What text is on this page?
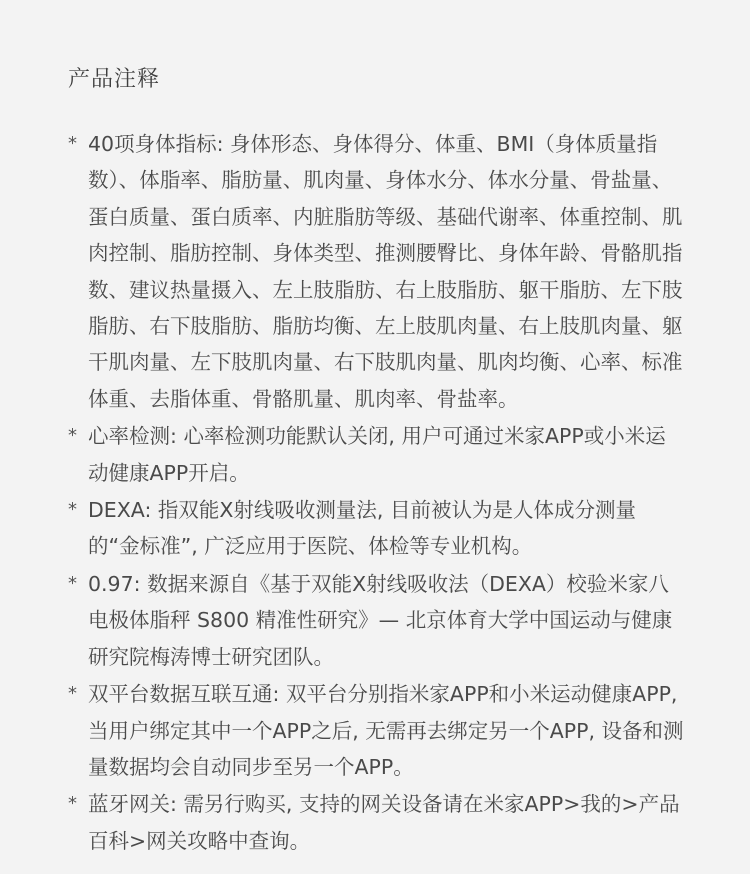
产品注释
* 40项身体指标: 身体形态、身体得分、体重、BMI（身体质量指数）、体脂率、脂肪量、肌肉量、身体水分、体水分量、骨盐量、蛋白质量、蛋白质率、内脏脂肪等级、基础代谢率、体重控制、肌肉控制、脂肪控制、身体类型、推测腰臀比、身体年龄、骨骼肌指数、建议热量摄入、左上肢脂肪、右上肢脂肪、躯干脂肪、左下肢脂肪、右下肢脂肪、脂肪均衡、左上肢肌肉量、右上肢肌肉量、躯干肌肉量、左下肢肌肉量、右下肢肌肉量、肌肉均衡、心率、标准体重、去脂体重、骨骼肌量、肌肉率、骨盐率。
* 心率检测: 心率检测功能默认关闭, 用户可通过米家APP或小米运动健康APP开启。
* DEXA: 指双能X射线吸收测量法, 目前被认为是人体成分测量的“金标准”, 广泛应用于医院、体检等专业机构。
* 0.97: 数据来源自《基于双能X射线吸收法（DEXA）校验米家八电极体脂秤 S800 精准性研究》— 北京体育大学中国运动与健康研究院梅涛博士研究团队。
* 双平台数据互联互通: 双平台分别指米家APP和小米运动健康APP, 当用户绑定其中一个APP之后, 无需再去绑定另一个APP, 设备和测量数据均会自动同步至另一个APP。
* 蓝牙网关: 需另行购买, 支持的网关设备请在米家APP>我的>产品百科>网关攻略中查询。
